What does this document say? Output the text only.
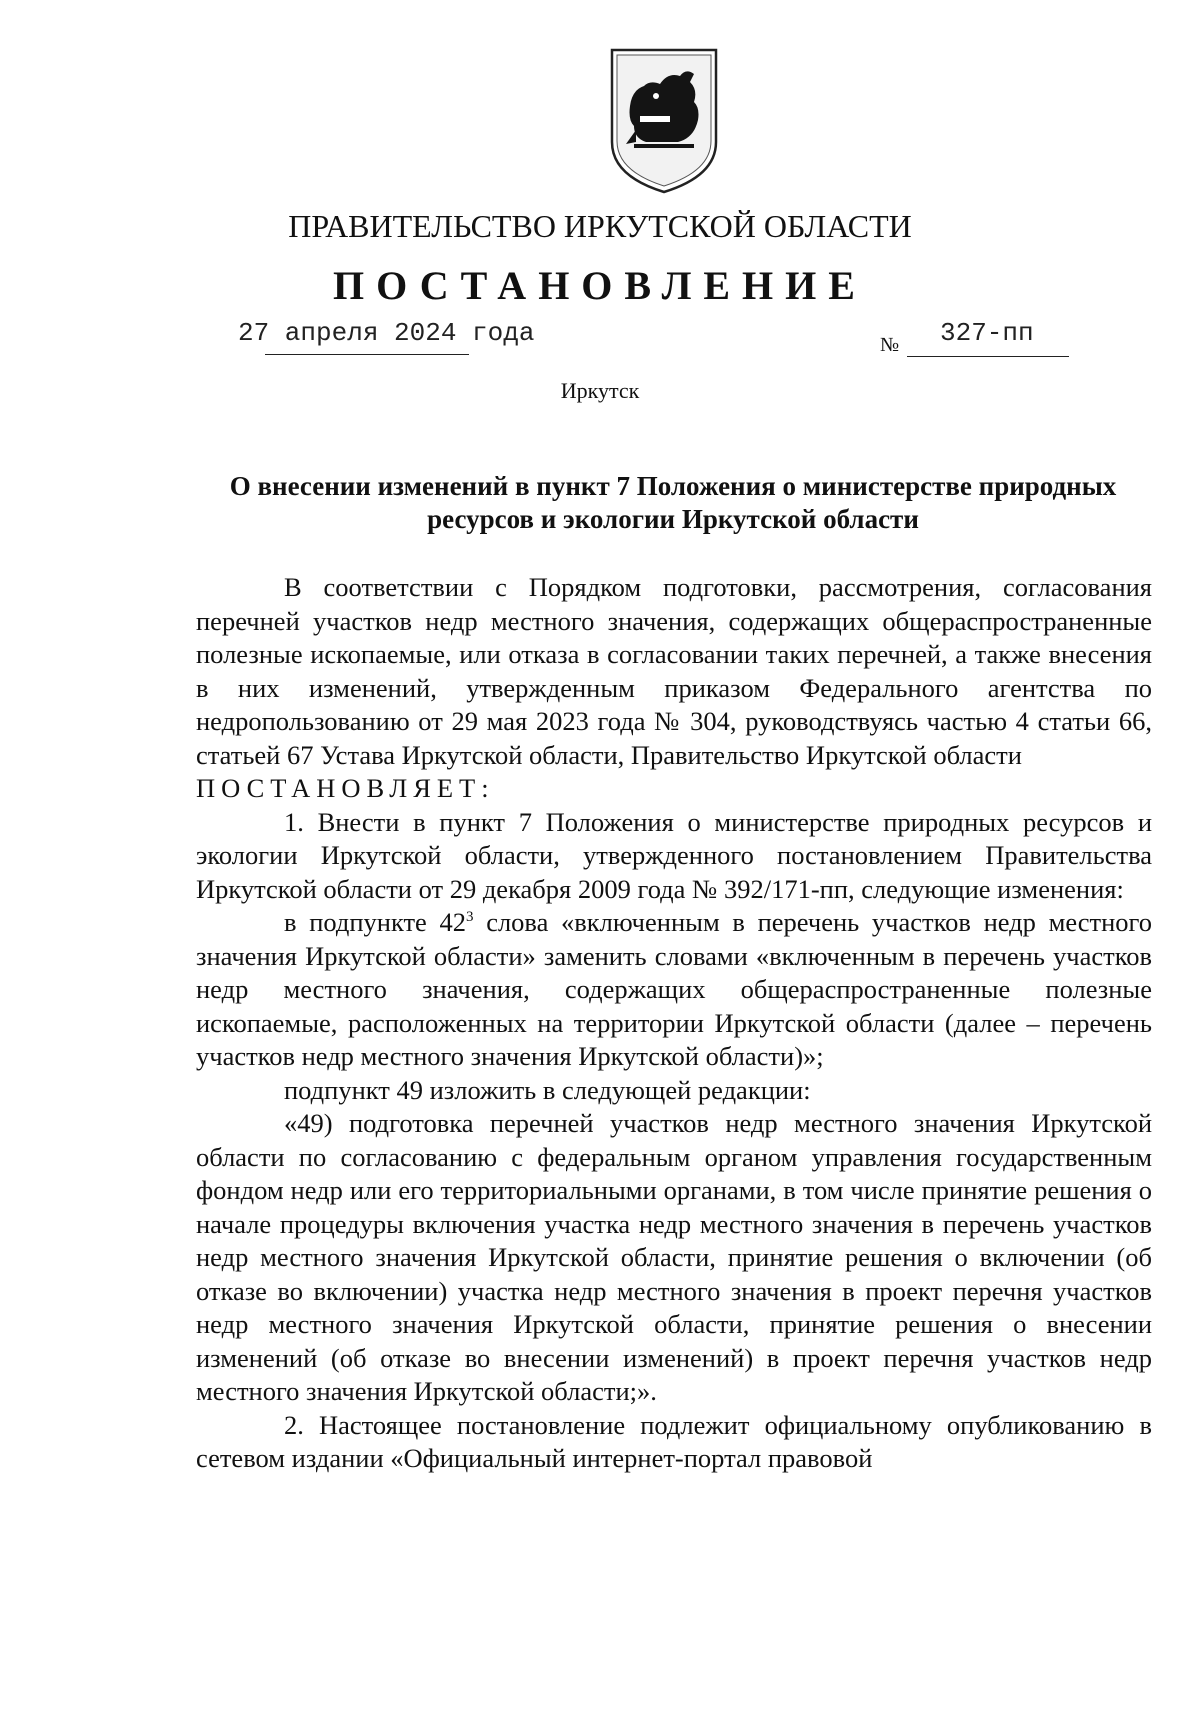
ПРАВИТЕЛЬСТВО ИРКУТСКОЙ ОБЛАСТИ
ПОСТАНОВЛЕНИЕ
27 апреля 2024 года	№ 327-пп
Иркутск
О внесении изменений в пункт 7 Положения о министерстве природных
ресурсов и экологии Иркутской области

В соответствии с Порядком подготовки, рассмотрения, согласования перечней участков недр местного значения, содержащих общераспространенные полезные ископаемые, или отказа в согласовании таких перечней, а также внесения в них изменений, утвержденным приказом Федерального агентства по недропользованию от 29 мая 2023 года № 304, руководствуясь частью 4 статьи 66, статьей 67 Устава Иркутской области, Правительство Иркутской области

ПОСТАНОВЛЯЕТ:

1. Внести в пункт 7 Положения о министерстве природных ресурсов и экологии Иркутской области, утвержденного постановлением Правительства Иркутской области от 29 декабря 2009 года № 392/171-пп, следующие изменения:

в подпункте $42^3$ слова «включенным в перечень участков недр местного значения Иркутской области» заменить словами «включенным в перечень участков недр местного значения, содержащих общераспространенные полезные ископаемые, расположенных на территории Иркутской области (далее – перечень участков недр местного значения Иркутской области)»;

подпункт 49 изложить в следующей редакции:

«49) подготовка перечней участков недр местного значения Иркутской области по согласованию с федеральным органом управления государственным фондом недр или его территориальными органами, в том числе принятие решения о начале процедуры включения участка недр местного значения в перечень участков недр местного значения Иркутской области, принятие решения о включении (об отказе во включении) участка недр местного значения в проект перечня участков недр местного значения Иркутской области, принятие решения о внесении изменений (об отказе во внесении изменений) в проект перечня участков недр местного значения Иркутской области;».

2. Настоящее постановление подлежит официальному опубликованию в сетевом издании «Официальный интернет-портал правовой
